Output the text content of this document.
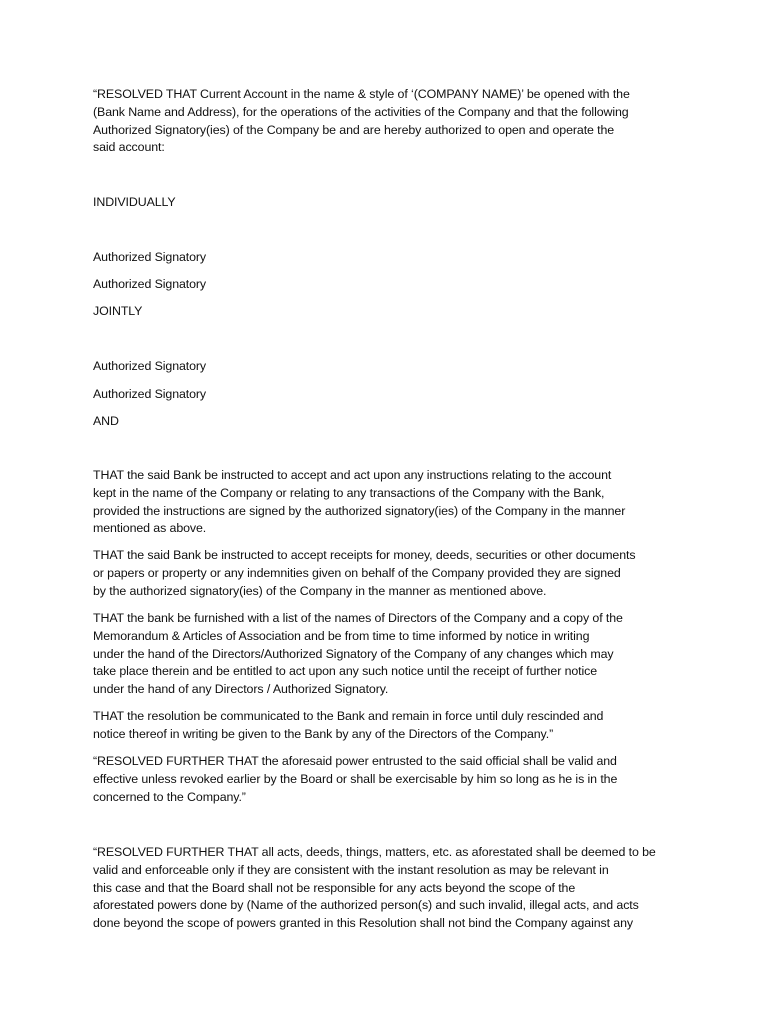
“RESOLVED THAT Current Account in the name & style of ‘(COMPANY NAME)’ be opened with the
(Bank Name and Address), for the operations of the activities of the Company and that the following
Authorized Signatory(ies) of the Company be and are hereby authorized to open and operate the
said account:
INDIVIDUALLY
Authorized Signatory
Authorized Signatory
JOINTLY
Authorized Signatory
Authorized Signatory
AND
THAT the said Bank be instructed to accept and act upon any instructions relating to the account
kept in the name of the Company or relating to any transactions of the Company with the Bank,
provided the instructions are signed by the authorized signatory(ies) of the Company in the manner
mentioned as above.
THAT the said Bank be instructed to accept receipts for money, deeds, securities or other documents
or papers or property or any indemnities given on behalf of the Company provided they are signed
by the authorized signatory(ies) of the Company in the manner as mentioned above.
THAT the bank be furnished with a list of the names of Directors of the Company and a copy of the
Memorandum & Articles of Association and be from time to time informed by notice in writing
under the hand of the Directors/Authorized Signatory of the Company of any changes which may
take place therein and be entitled to act upon any such notice until the receipt of further notice
under the hand of any Directors / Authorized Signatory.
THAT the resolution be communicated to the Bank and remain in force until duly rescinded and
notice thereof in writing be given to the Bank by any of the Directors of the Company.”
“RESOLVED FURTHER THAT the aforesaid power entrusted to the said official shall be valid and
effective unless revoked earlier by the Board or shall be exercisable by him so long as he is in the
concerned to the Company.”
“RESOLVED FURTHER THAT all acts, deeds, things, matters, etc. as aforestated shall be deemed to be
valid and enforceable only if they are consistent with the instant resolution as may be relevant in
this case and that the Board shall not be responsible for any acts beyond the scope of the
aforestated powers done by (Name of the authorized person(s) and such invalid, illegal acts, and acts
done beyond the scope of powers granted in this Resolution shall not bind the Company against any
